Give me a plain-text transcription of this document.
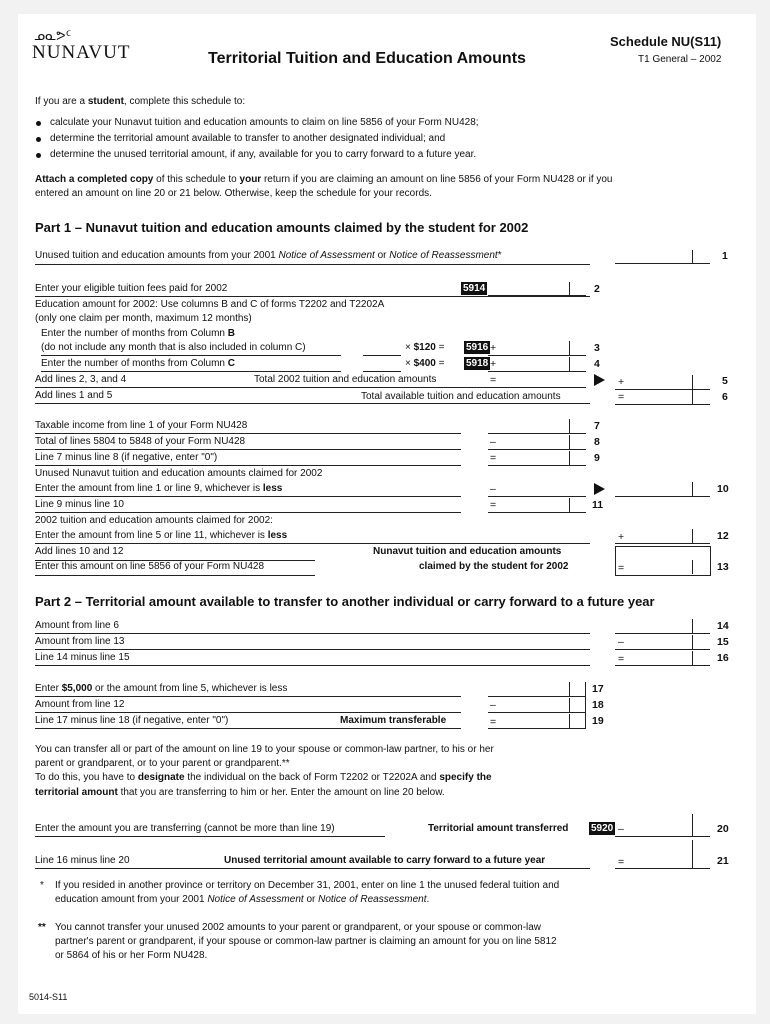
ᓄᓇᕗᑦ
NUNAVUT	Territorial Tuition and Education Amounts
Schedule NU(S11)
T1 General – 2002
If you are a student, complete this schedule to:
calculate your Nunavut tuition and education amounts to claim on line 5856 of your Form NU428;
determine the territorial amount available to transfer to another designated individual; and
determine the unused territorial amount, if any, available for you to carry forward to a future year.
Attach a completed copy of this schedule to your return if you are claiming an amount on line 5856 of your Form NU428 or if you
entered an amount on line 20 or 21 below. Otherwise, keep the schedule for your records.
Part 1 – Nunavut tuition and education amounts claimed by the student for 2002
Unused tuition and education amounts from your 2001 Notice of Assessment or Notice of Reassessment*	1
Enter your eligible tuition fees paid for 2002	5914	2
Education amount for 2002: Use columns B and C of forms T2202 and T2202A
(only one claim per month, maximum 12 months)
Enter the number of months from Column B
(do not include any month that is also included in column C)	× $120 = 5916 +	3
Enter the number of months from Column C	× $400 = 5918 +	4
Add lines 2, 3, and 4	Total 2002 tuition and education amounts	=	+	5
Add lines 1 and 5	Total available tuition and education amounts	=	6
Taxable income from line 1 of your Form NU428	7
Total of lines 5804 to 5848 of your Form NU428	–	8
Line 7 minus line 8 (if negative, enter "0")	=	9
Unused Nunavut tuition and education amounts claimed for 2002
Enter the amount from line 1 or line 9, whichever is less	–	10
Line 9 minus line 10	=	11
2002 tuition and education amounts claimed for 2002:
Enter the amount from line 5 or line 11, whichever is less	+	12
Add lines 10 and 12
Enter this amount on line 5856 of your Form NU428
Nunavut tuition and education amounts
claimed by the student for 2002	=	13
Part 2 – Territorial amount available to transfer to another individual or carry forward to a future year
Amount from line 6	14
Amount from line 13	–	15
Line 14 minus line 15	=	16
Enter $5,000 or the amount from line 5, whichever is less	17
Amount from line 12	–	18
Line 17 minus line 18 (if negative, enter "0")	Maximum transferable	=	19
You can transfer all or part of the amount on line 19 to your spouse or common-law partner, to his or her
parent or grandparent, or to your parent or grandparent.**
To do this, you have to designate the individual on the back of Form T2202 or T2202A and specify the
territorial amount that you are transferring to him or her. Enter the amount on line 20 below.
Enter the amount you are transferring (cannot be more than line 19)	Territorial amount transferred 5920 –	20
Line 16 minus line 20	Unused territorial amount available to carry forward to a future year	=	21
* If you resided in another province or territory on December 31, 2001, enter on line 1 the unused federal tuition and
education amount from your 2001 Notice of Assessment or Notice of Reassessment.
** You cannot transfer your unused 2002 amounts to your parent or grandparent, or your spouse or common-law
partner's parent or grandparent, if your spouse or common-law partner is claiming an amount for you on line 5812
or 5864 of his or her Form NU428.
5014-S11
